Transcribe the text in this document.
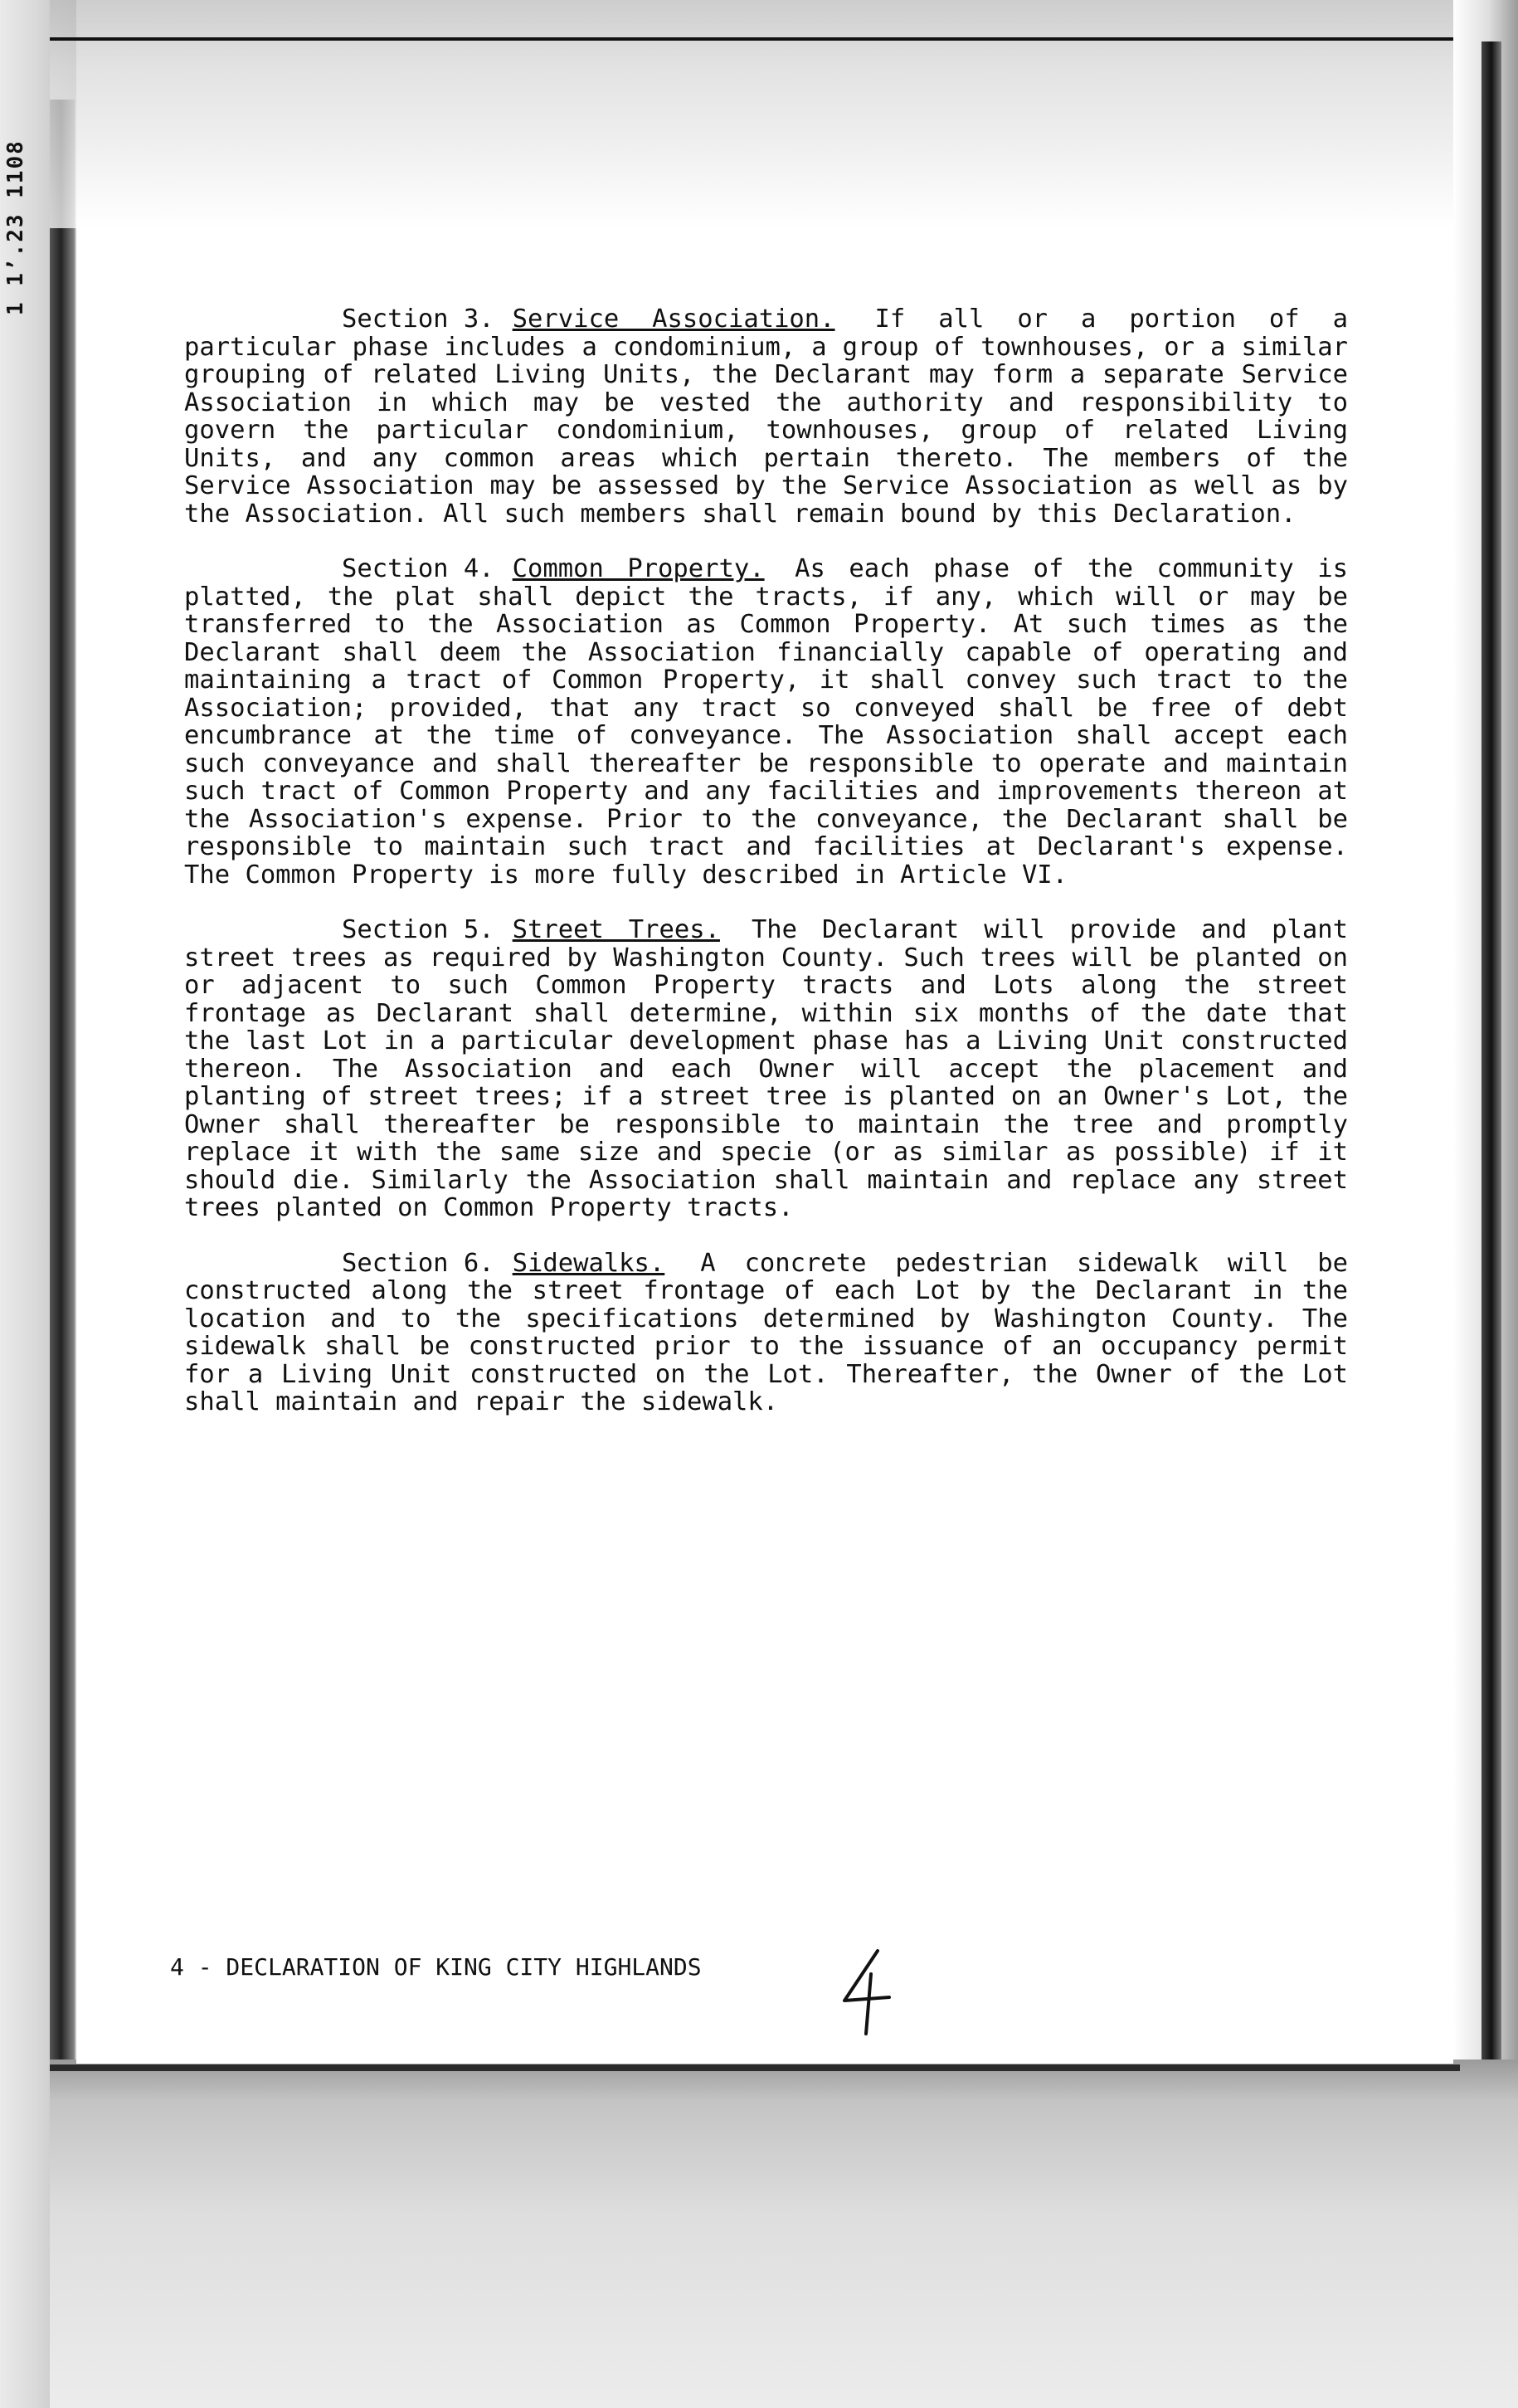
1 1’.23 1108

Section 3. Service Association. If all or a portion of a particular phase includes a condominium, a group of townhouses, or a similar grouping of related Living Units, the Declarant may form a separate Service Association in which may be vested the authority and responsibility to govern the particular condominium, townhouses, group of related Living Units, and any common areas which pertain thereto. The members of the Service Association may be assessed by the Service Association as well as by the Association. All such members shall remain bound by this Declaration.

Section 4. Common Property. As each phase of the community is platted, the plat shall depict the tracts, if any, which will or may be transferred to the Association as Common Property. At such times as the Declarant shall deem the Association financially capable of operating and maintaining a tract of Common Property, it shall convey such tract to the Association; provided, that any tract so conveyed shall be free of debt encumbrance at the time of conveyance. The Association shall accept each such conveyance and shall thereafter be responsible to operate and maintain such tract of Common Property and any facilities and improvements thereon at the Association's expense. Prior to the conveyance, the Declarant shall be responsible to maintain such tract and facilities at Declarant's expense. The Common Property is more fully described in Article VI.

Section 5. Street Trees. The Declarant will provide and plant street trees as required by Washington County. Such trees will be planted on or adjacent to such Common Property tracts and Lots along the street frontage as Declarant shall determine, within six months of the date that the last Lot in a particular development phase has a Living Unit constructed thereon. The Association and each Owner will accept the placement and planting of street trees; if a street tree is planted on an Owner's Lot, the Owner shall thereafter be responsible to maintain the tree and promptly replace it with the same size and specie (or as similar as possible) if it should die. Similarly the Association shall maintain and replace any street trees planted on Common Property tracts.

Section 6. Sidewalks. A concrete pedestrian sidewalk will be constructed along the street frontage of each Lot by the Declarant in the location and to the specifications determined by Washington County. The sidewalk shall be constructed prior to the issuance of an occupancy permit for a Living Unit constructed on the Lot. Thereafter, the Owner of the Lot shall maintain and repair the sidewalk.

4 - DECLARATION OF KING CITY HIGHLANDS
